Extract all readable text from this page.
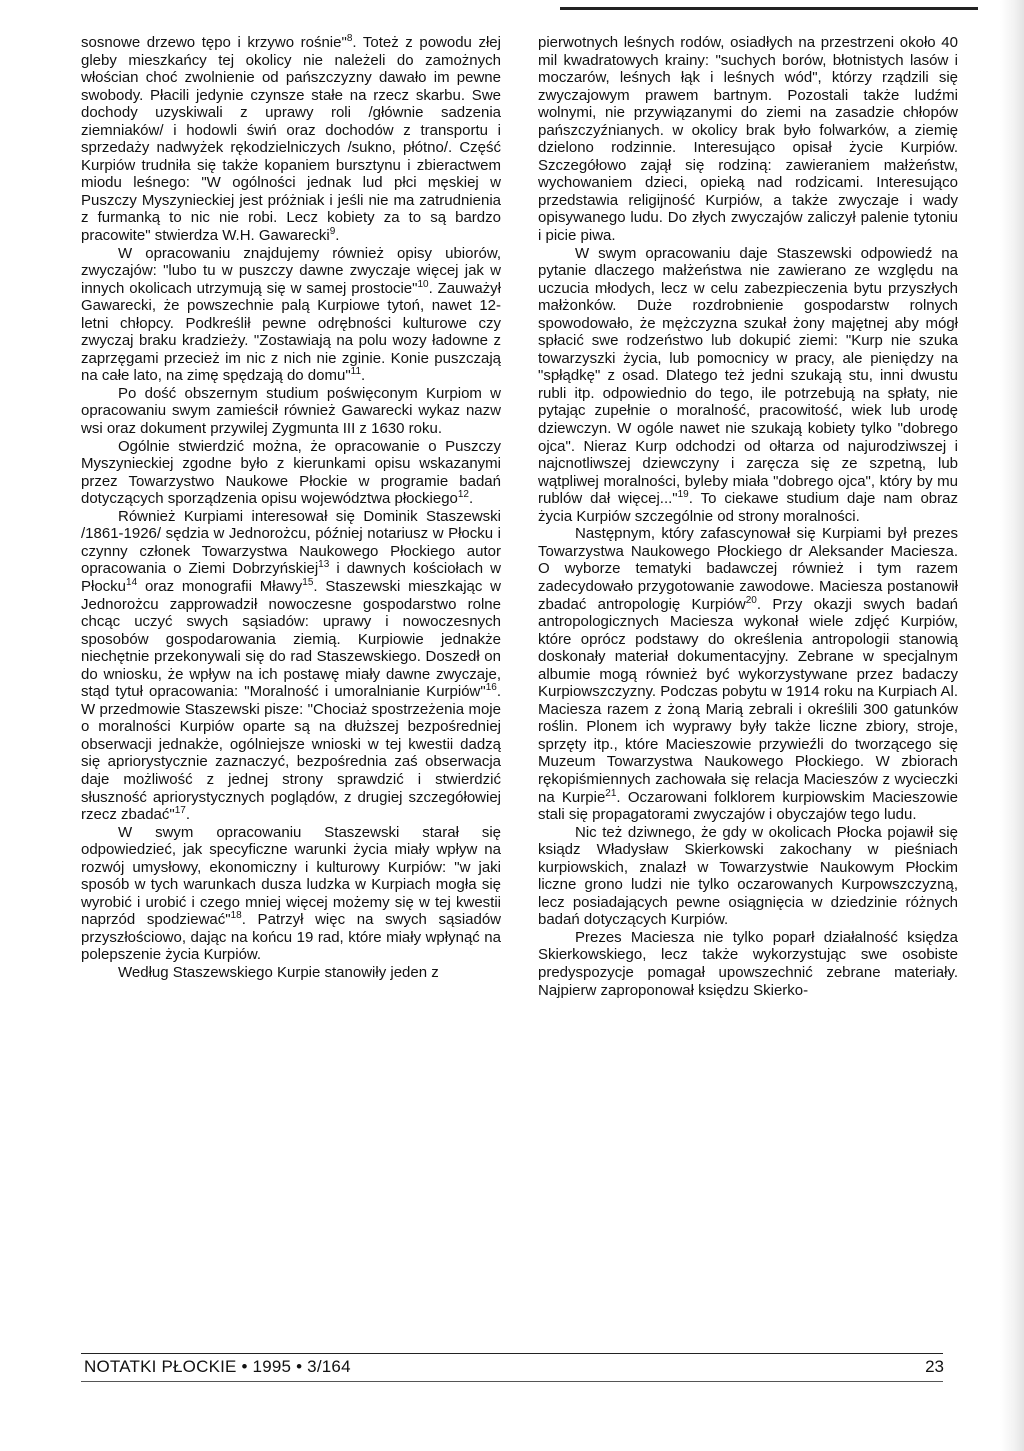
sosnowe drzewo tępo i krzywo rośnie"$^8$. Toteż z powodu złej gleby mieszkańcy tej okolicy nie należeli do zamożnych włościan choć zwolnienie od pańszczyzny dawało im pewne swobody. Płacili jedynie czynsze stałe na rzecz skarbu. Swe dochody uzyskiwali z uprawy roli /głównie sadzenia ziemniaków/ i hodowli świń oraz dochodów z transportu i sprzedaży nadwyżek rękodzielniczych /sukno, płótno/. Część Kurpiów trudniła się także kopaniem bursztynu i zbieractwem miodu leśnego: "W ogólności jednak lud płci męskiej w Puszczy Myszynieckiej jest próżniak i jeśli nie ma zatrudnienia z furmanką to nic nie robi. Lecz kobiety za to są bardzo pracowite" stwierdza W.H. Gawarecki$^9$.

W opracowaniu znajdujemy również opisy ubiorów, zwyczajów: "lubo tu w puszczy dawne zwyczaje więcej jak w innych okolicach utrzymują się w samej prostocie"$^{10}$. Zauważył Gawarecki, że powszechnie palą Kurpiowe tytoń, nawet 12-letni chłopcy. Podkreślił pewne odrębności kulturowe czy zwyczaj braku kradzieży. "Zostawiają na polu wozy ładowne z zaprzęgami przecież im nic z nich nie zginie. Konie puszczają na całe lato, na zimę spędzają do domu"$^{11}$.

Po dość obszernym studium poświęconym Kurpiom w opracowaniu swym zamieścił również Gawarecki wykaz nazw wsi oraz dokument przywilej Zygmunta III z 1630 roku.

Ogólnie stwierdzić można, że opracowanie o Puszczy Myszynieckiej zgodne było z kierunkami opisu wskazanymi przez Towarzystwo Naukowe Płockie w programie badań dotyczących sporządzenia opisu województwa płockiego$^{12}$.

Również Kurpiami interesował się Dominik Staszewski /1861-1926/ sędzia w Jednorożcu, później notariusz w Płocku i czynny członek Towarzystwa Naukowego Płockiego autor opracowania o Ziemi Dobrzyńskiej$^{13}$ i dawnych kościołach w Płocku$^{14}$ oraz monografii Mławy$^{15}$. Staszewski mieszkając w Jednorożcu zapprowadził nowoczesne gospodarstwo rolne chcąc uczyć swych sąsiadów: uprawy i nowoczesnych sposobów gospodarowania ziemią. Kurpiowie jednakże niechętnie przekonywali się do rad Staszewskiego. Doszedł on do wniosku, że wpływ na ich postawę miały dawne zwyczaje, stąd tytuł opracowania: "Moralność i umoralnianie Kurpiów"$^{16}$. W przedmowie Staszewski pisze: "Chociaż spostrzeżenia moje o moralności Kurpiów oparte są na dłuższej bezpośredniej obserwacji jednakże, ogólniejsze wnioski w tej kwestii dadzą się apriorystycznie zaznaczyć, bezpośrednia zaś obserwacja daje możliwość z jednej strony sprawdzić i stwierdzić słuszność apriorystycznych poglądów, z drugiej szczegółowiej rzecz zbadać"$^{17}$.

W swym opracowaniu Staszewski starał się odpowiedzieć, jak specyficzne warunki życia miały wpływ na rozwój umysłowy, ekonomiczny i kulturowy Kurpiów: "w jaki sposób w tych warunkach dusza ludzka w Kurpiach mogła się wyrobić i urobić i czego mniej więcej możemy się w tej kwestii naprzód spodziewać"$^{18}$. Patrzył więc na swych sąsiadów przyszłościowo, dając na końcu 19 rad, które miały wpłynąć na polepszenie życia Kurpiów.

Według Staszewskiego Kurpie stanowiły jeden z

pierwotnych leśnych rodów, osiadłych na przestrzeni około 40 mil kwadratowych krainy: "suchych borów, błotnistych lasów i moczarów, leśnych łąk i leśnych wód", którzy rządzili się zwyczajowym prawem bartnym. Pozostali także ludźmi wolnymi, nie przywiązanymi do ziemi na zasadzie chłopów pańszczyźnianych. w okolicy brak było folwarków, a ziemię dzielono rodzinnie. Interesująco opisał życie Kurpiów. Szczegółowo zajął się rodziną: zawieraniem małżeństw, wychowaniem dzieci, opieką nad rodzicami. Interesująco przedstawia religijność Kurpiów, a także zwyczaje i wady opisywanego ludu. Do złych zwyczajów zaliczył palenie tytoniu i picie piwa.

W swym opracowaniu daje Staszewski odpowiedź na pytanie dlaczego małżeństwa nie zawierano ze względu na uczucia młodych, lecz w celu zabezpieczenia bytu przyszłych małżonków. Duże rozdrobnienie gospodarstw rolnych spowodowało, że mężczyzna szukał żony majętnej aby mógł spłacić swe rodzeństwo lub dokupić ziemi: "Kurp nie szuka towarzyszki życia, lub pomocnicy w pracy, ale pieniędzy na "spłądkę" z osad. Dlatego też jedni szukają stu, inni dwustu rubli itp. odpowiednio do tego, ile potrzebują na spłaty, nie pytając zupełnie o moralność, pracowitość, wiek lub urodę dziewczyn. W ogóle nawet nie szukają kobiety tylko "dobrego ojca". Nieraz Kurp odchodzi od ołtarza od najurodziwszej i najcnotliwszej dziewczyny i zaręcza się ze szpetną, lub wątpliwej moralności, byleby miała "dobrego ojca", który by mu rublów dał więcej..."$^{19}$. To ciekawe studium daje nam obraz życia Kurpiów szczególnie od strony moralności.

Następnym, który zafascynował się Kurpiami był prezes Towarzystwa Naukowego Płockiego dr Aleksander Maciesza. O wyborze tematyki badawczej również i tym razem zadecydowało przygotowanie zawodowe. Maciesza postanowił zbadać antropologię Kurpiów$^{20}$. Przy okazji swych badań antropologicznych Maciesza wykonał wiele zdjęć Kurpiów, które oprócz podstawy do określenia antropologii stanowią doskonały materiał dokumentacyjny. Zebrane w specjalnym albumie mogą również być wykorzystywane przez badaczy Kurpiowszczyzny. Podczas pobytu w 1914 roku na Kurpiach Al. Maciesza razem z żoną Marią zebrali i określili 300 gatunków roślin. Plonem ich wyprawy były także liczne zbiory, stroje, sprzęty itp., które Macieszowie przywieźli do tworzącego się Muzeum Towarzystwa Naukowego Płockiego. W zbiorach rękopiśmiennych zachowała się relacja Macieszów z wycieczki na Kurpie$^{21}$. Oczarowani folklorem kurpiowskim Macieszowie stali się propagatorami zwyczajów i obyczajów tego ludu.

Nic też dziwnego, że gdy w okolicach Płocka pojawił się ksiądz Władysław Skierkowski zakochany w pieśniach kurpiowskich, znalazł w Towarzystwie Naukowym Płockim liczne grono ludzi nie tylko oczarowanych Kurpowszczyzną, lecz posiadających pewne osiągnięcia w dziedzinie różnych badań dotyczących Kurpiów.

Prezes Maciesza nie tylko poparł działalność księdza Skierkowskiego, lecz także wykorzystując swe osobiste predyspozycje pomagał upowszechnić zebrane materiały. Najpierw zaproponował księdzu Skierko-

NOTATKI PŁOCKIE • 1995 • 3/164	23
